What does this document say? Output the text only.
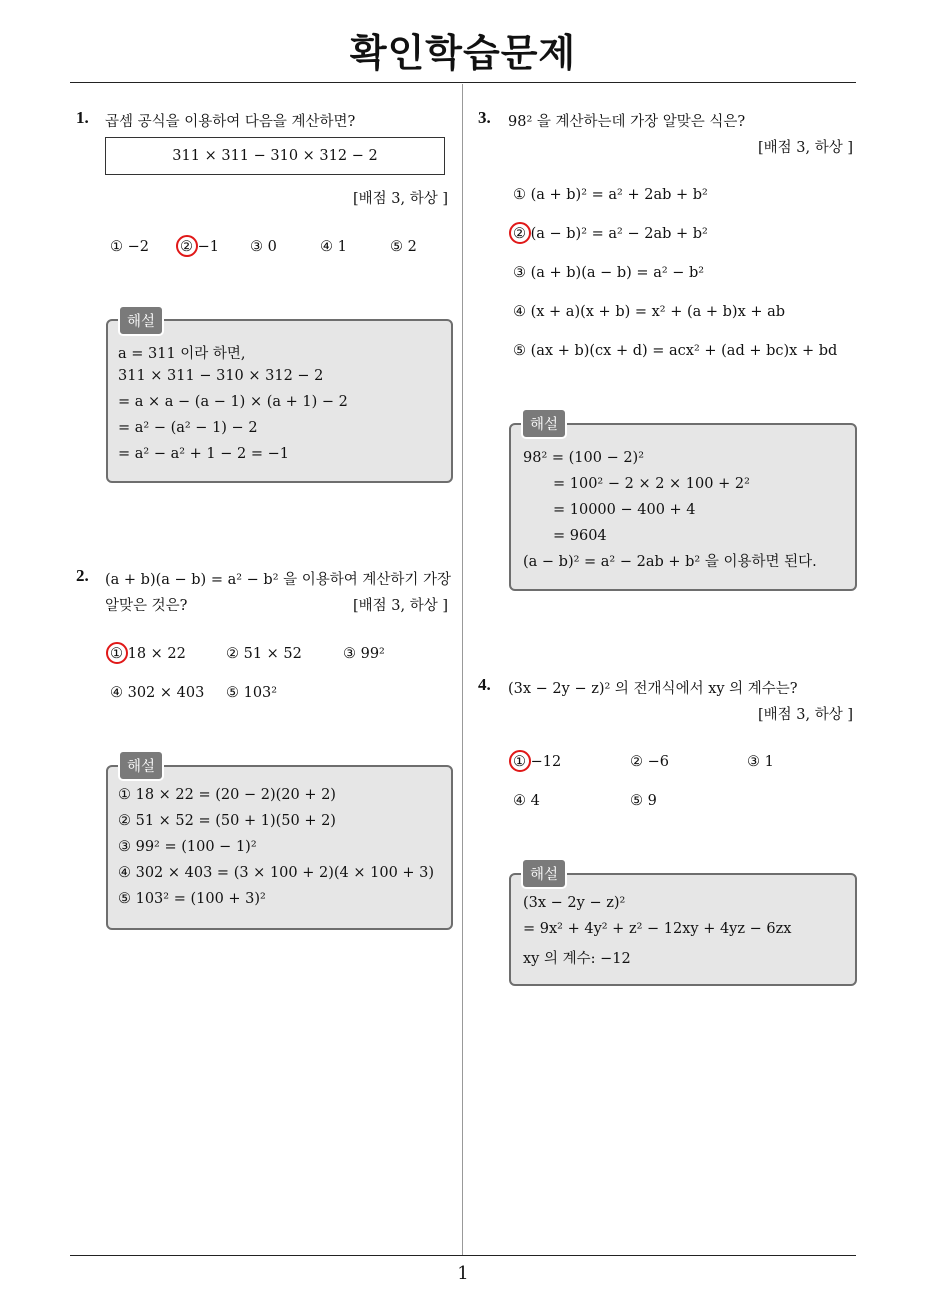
확인학습문제
1
1. 곱셈 공식을 이용하여 다음을 계산하면?
311 × 311 − 310 × 312 − 2
[배점 3, 하상 ]
① −2 ② −1 ③ 0	④ 1	⑤ 2
해설
a = 311 이라 하면,
311 × 311 − 310 × 312 − 2
= a × a − (a − 1) × (a + 1) − 2
= a² − (a² − 1) − 2
= a² − a² + 1 − 2 = −1
2. (a + b)(a − b) = a² − b² 을 이용하여 계산하기 가장
알맞은 것은?	[배점 3, 하상 ]
① 18 × 22	② 51 × 52	③ 99²
④ 302 × 403 ⑤ 103²
해설
① 18 × 22 = (20 − 2)(20 + 2)
② 51 × 52 = (50 + 1)(50 + 2)
③ 99² = (100 − 1)²
④ 302 × 403 = (3 × 100 + 2)(4 × 100 + 3)
⑤ 103² = (100 + 3)²
3. 98² 을 계산하는데 가장 알맞은 식은?
[배점 3, 하상 ]
① (a + b)² = a² + 2ab + b²
② (a − b)² = a² − 2ab + b²
③ (a + b)(a − b) = a² − b²
④ (x + a)(x + b) = x² + (a + b)x + ab
⑤ (ax + b)(cx + d) = acx² + (ad + bc)x + bd
해설
98² = (100 − 2)²
= 100² − 2 × 2 × 100 + 2²
= 10000 − 400 + 4
= 9604
(a − b)² = a² − 2ab + b² 을 이용하면 된다.
4. (3x − 2y − z)² 의 전개식에서 xy 의 계수는?
[배점 3, 하상 ]
① −12	② −6	③ 1
④ 4	⑤ 9
해설
(3x − 2y − z)²
= 9x² + 4y² + z² − 12xy + 4yz − 6zx
xy 의 계수: −12
